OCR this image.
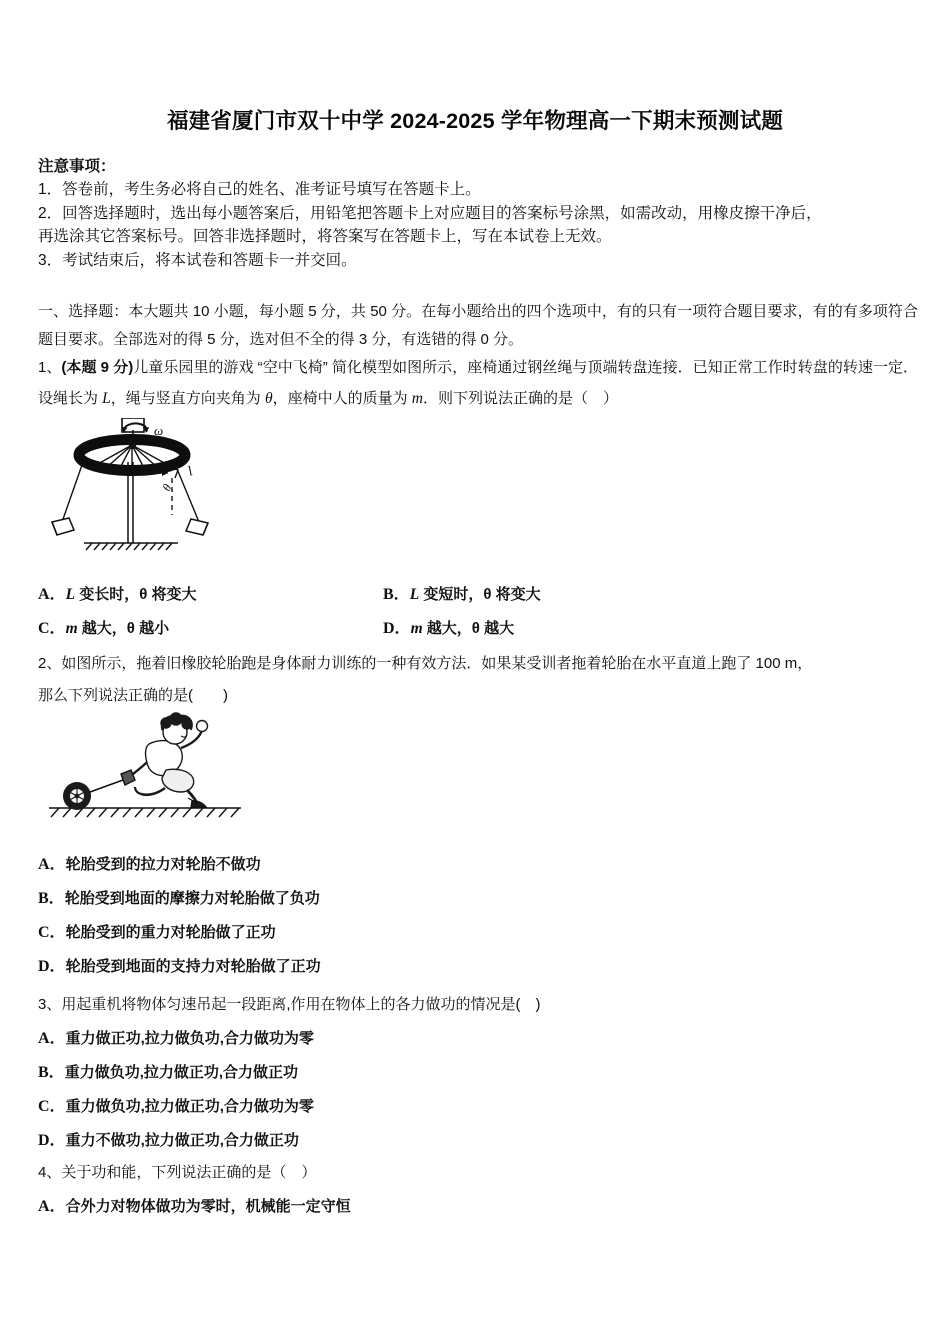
福建省厦门市双十中学 2024-2025 学年物理高一下期末预测试题
注意事项：
1．答卷前，考生务必将自己的姓名、准考证号填写在答题卡上。
2．回答选择题时，选出每小题答案后，用铅笔把答题卡上对应题目的答案标号涂黑，如需改动，用橡皮擦干净后，
再选涂其它答案标号。回答非选择题时，将答案写在答题卡上，写在本试卷上无效。
3．考试结束后，将本试卷和答题卡一并交回。
一、选择题：本大题共 10 小题，每小题 5 分，共 50 分。在每小题给出的四个选项中，有的只有一项符合题目要求，有的有多项符合题目要求。全部选对的得 5 分，选对但不全的得 3 分，有选错的得 0 分。
1、(本题 9 分)儿童乐园里的游戏 “空中飞椅” 简化模型如图所示，座椅通过钢丝绳与顶端转盘连接．已知正常工作时转盘的转速一定．设绳长为 L，绳与竖直方向夹角为 θ，座椅中人的质量为 m．则下列说法正确的是（　）
ω
θ
l
A．L 变长时，θ 将变大	B．L 变短时，θ 将变大
C．m 越大，θ 越小	D．m 越大，θ 越大
2、如图所示，拖着旧橡胶轮胎跑是身体耐力训练的一种有效方法．如果某受训者拖着轮胎在水平直道上跑了 100 m，
那么下列说法正确的是(　　)
A．轮胎受到的拉力对轮胎不做功
B．轮胎受到地面的摩擦力对轮胎做了负功
C．轮胎受到的重力对轮胎做了正功
D．轮胎受到地面的支持力对轮胎做了正功
3、用起重机将物体匀速吊起一段距离,作用在物体上的各力做功的情况是(　)
A．重力做正功,拉力做负功,合力做功为零
B．重力做负功,拉力做正功,合力做正功
C．重力做负功,拉力做正功,合力做功为零
D．重力不做功,拉力做正功,合力做正功
4、关于功和能，下列说法正确的是（　）
A．合外力对物体做功为零时，机械能一定守恒
